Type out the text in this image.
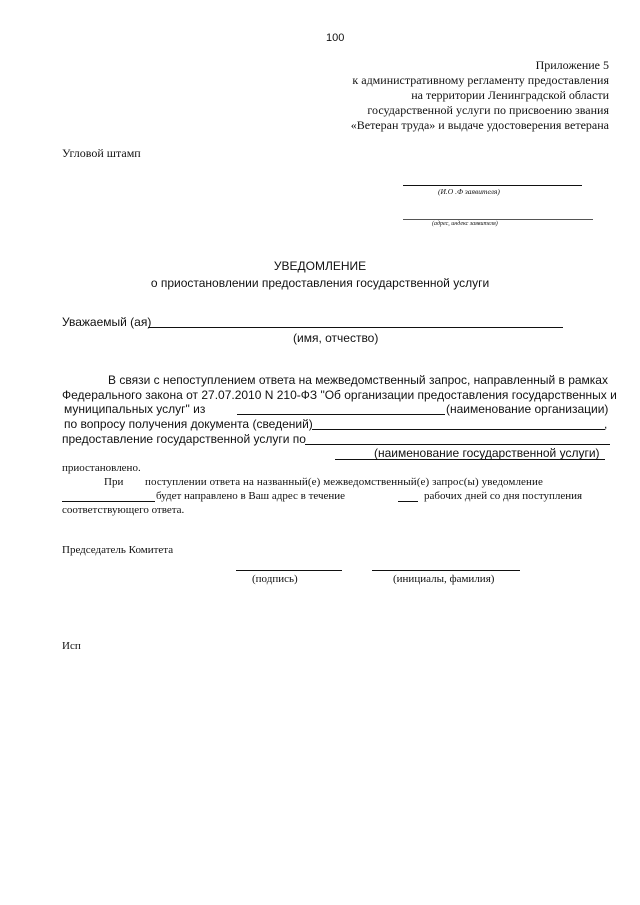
100
Приложение 5
к административному регламенту предоставления
на территории Ленинградской области
государственной услуги по присвоению звания
«Ветеран труда» и выдаче удостоверения ветерана
Угловой штамп
(И.О .Ф заявителя)
(адрес, индекс заявителя)
УВЕДОМЛЕНИЕ
о приостановлении предоставления государственной услуги
Уважаемый (ая)
(имя, отчество)
В связи с непоступлением ответа на межведомственный запрос, направленный в рамках
Федерального закона от 27.07.2010 N 210-ФЗ "Об организации предоставления государственных и
муниципальных услуг" из	(наименование организации)
по вопросу получения документа (сведений)	,
предоставление государственной услуги по
(наименование государственной услуги)
приостановлено.
При поступлении ответа на названный(е) межведомственный(е) запрос(ы) уведомление
будет направлено в Ваш адрес в течение	рабочих дней со дня поступления
соответствующего ответа.
Председатель Комитета
(подпись)	(инициалы, фамилия)
Исп
